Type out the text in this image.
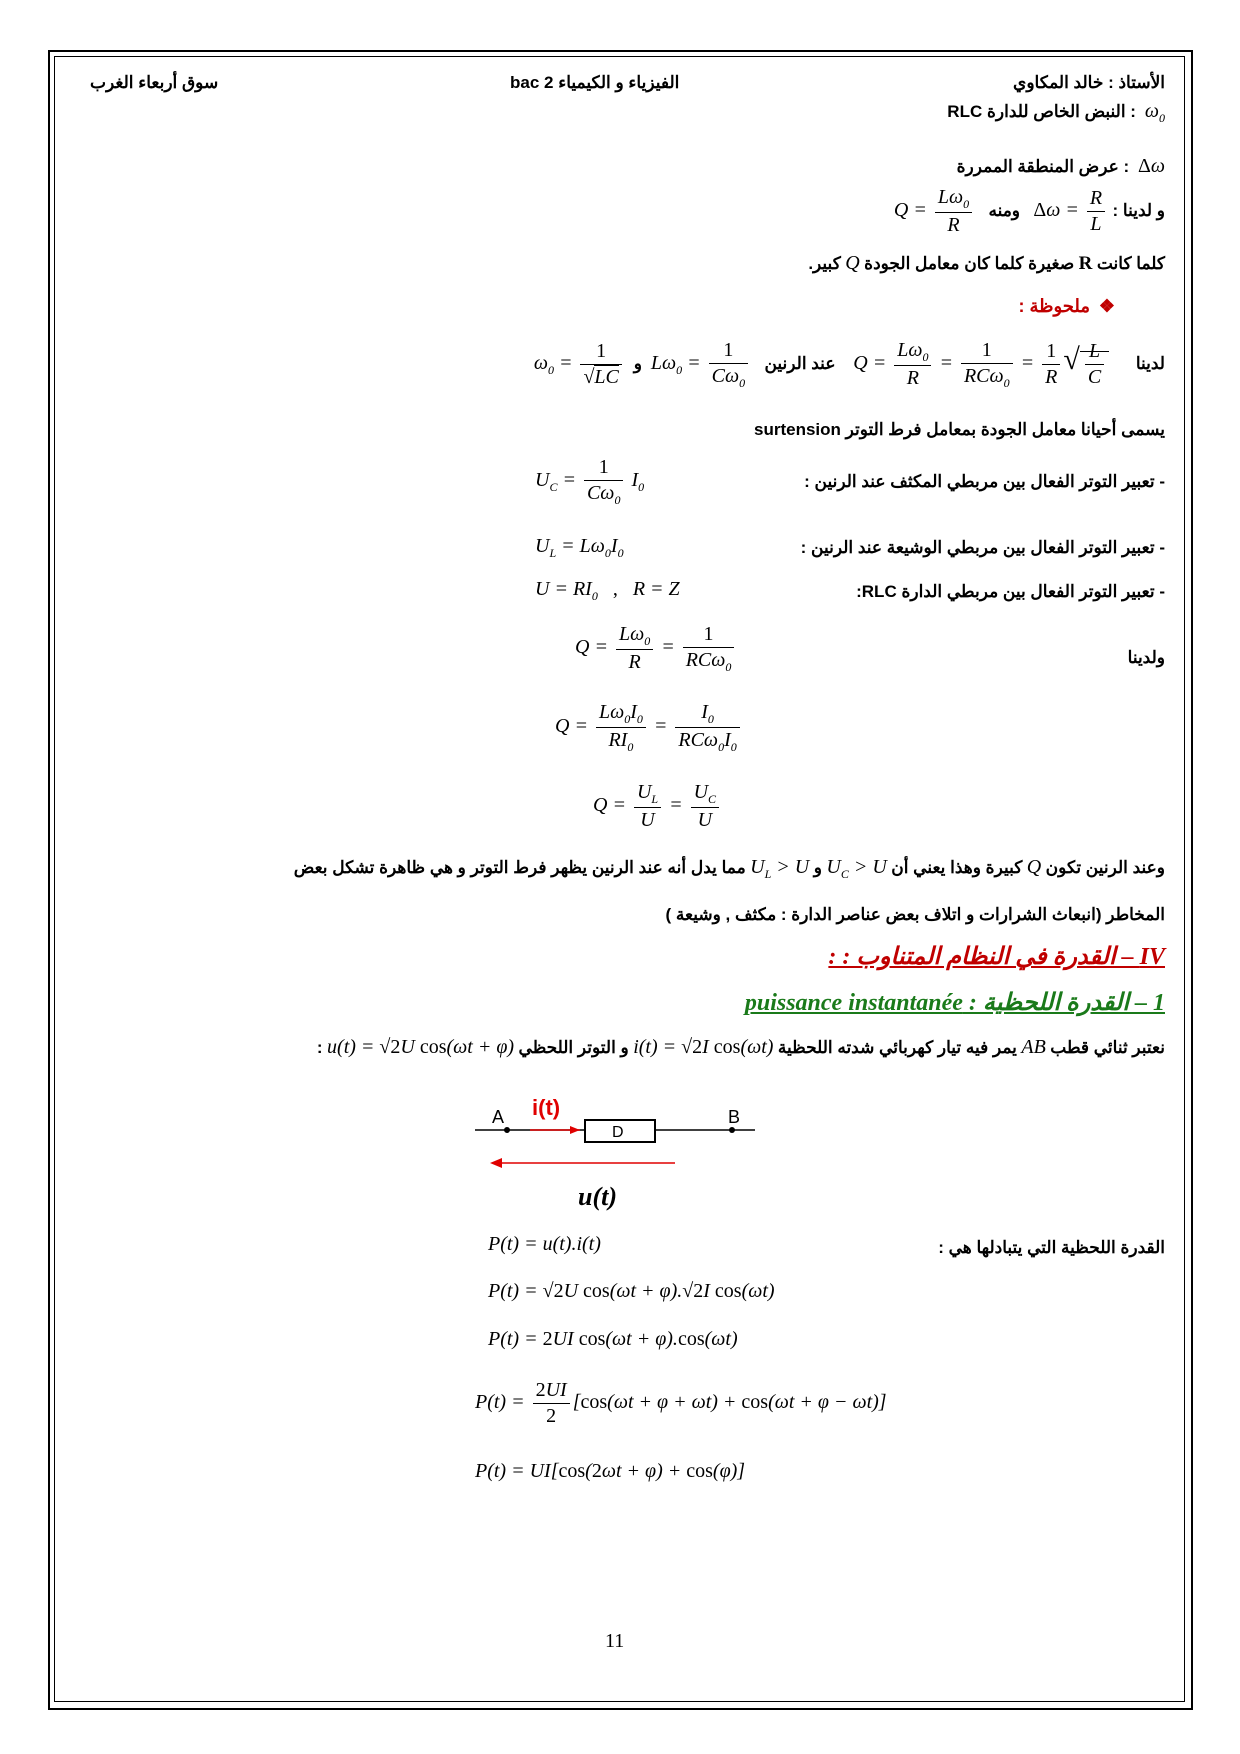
الأستاذ : خالد المكاوي
الفيزياء و الكيمياء 2 bac
سوق أربعاء الغرب
$\omega_0$  : النبض الخاص للدارة RLC
Δω  : عرض المنطقة الممررة
و لدينا : $\Delta\omega = \frac{R}{L}$
ومنه   $Q = \frac{L\omega_0}{R}$
كلما كانت R صغيرة كلما كان معامل الجودة Q كبير.
❖  ملحوظة :
لدينا      $Q = \frac{L\omega_0}{R} = \frac{1}{RC\omega_0} = \frac{1}{R}$ √ $\frac{L}{C}$
عند الرنين   $L\omega_0 = \frac{1}{C\omega_0}$
و  $\omega_0 = \frac{1}{√LC}$
يسمى أحيانا معامل الجودة بمعامل فرط التوتر surtension
- تعبير التوتر الفعال بين مربطي المكثف عند الرنين :
$U_C = \frac{1}{C\omega_0} I_0$
- تعبير التوتر الفعال بين مربطي الوشيعة عند الرنين :
$U_L = L\omega_0I_0$
- تعبير التوتر الفعال بين مربطي الدارة RLC:
$U = RI_0$ ,   R = Z
ولدينا
$Q = \frac{L\omega_0}{R} = \frac{1}{RC\omega_0}$
$Q = \frac{L\omega_0I_0}{RI_0} = \frac{I_0}{RC\omega_0I_0}$
$Q = \frac{U_L}{U} = \frac{U_C}{U}$
وعند الرنين تكون Q كبيرة وهذا يعني أن $U_C > U$ و $U_L > U$ مما يدل أنه عند الرنين يظهر فرط التوتر و هي ظاهرة تشكل بعض
المخاطر (انبعاث الشرارات و اتلاف بعض عناصر الدارة : مكثف , وشيعة )
IV – القدرة في النظام المتناوب : :
1 – القدرة اللحظية : puissance instantanée
نعتبر ثنائي قطب AB يمر فيه تيار كهربائي شدته اللحظية i(t) = √2I cos(ωt) و التوتر اللحظي u(t) = √2U cos(ωt + φ) :
A	B
D
i(t)
u(t)
القدرة اللحظية التي يتبادلها هي :
P(t) = u(t).i(t)
P(t) = √2U cos(ωt + φ).√2I cos(ωt)
P(t) = 2UI cos(ωt + φ).cos(ωt)
$P(t) = \frac{2UI}{2} [\cos(\omega t + \varphi + \omega t) + \cos(\omega t + \varphi - \omega t)]$
P(t) = UI[cos(2ωt + φ) + cos(φ)]
11
